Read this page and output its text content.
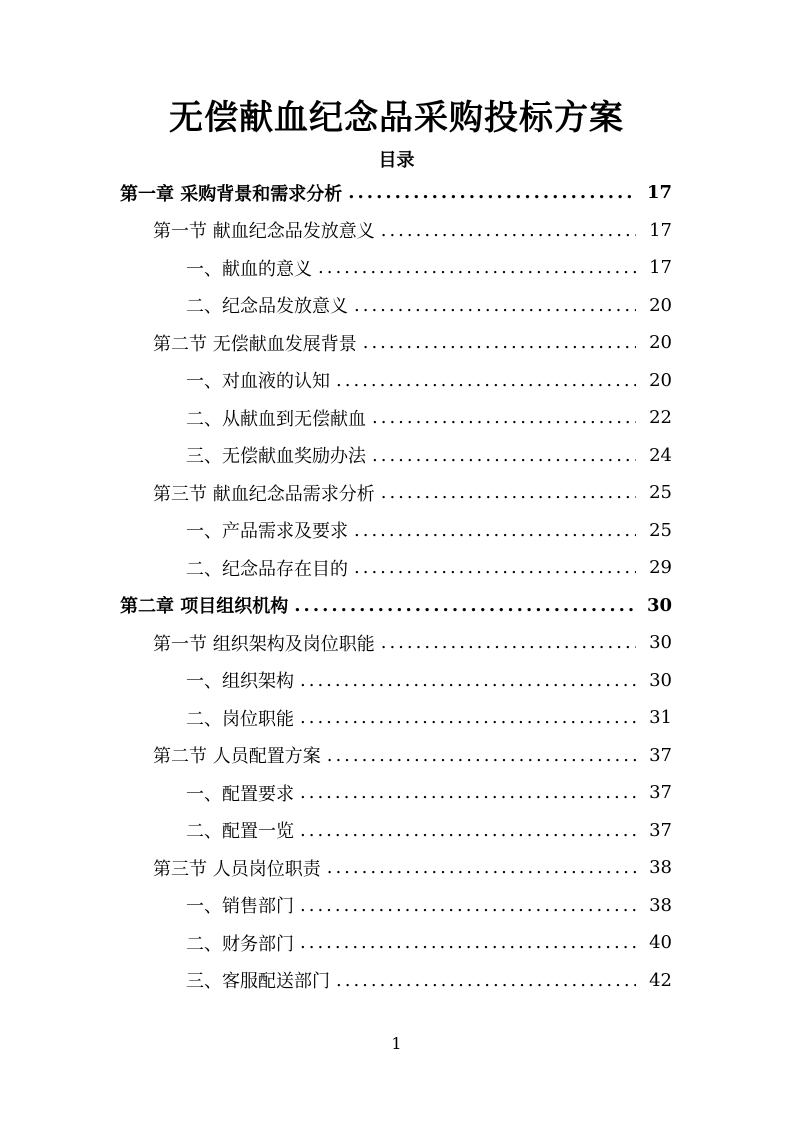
无偿献血纪念品采购投标方案
目录
第一章 采购背景和需求分析 .....	17
第一节 献血纪念品发放意义 .....	17
一、献血的意义 .....	17
二、纪念品发放意义 .....	20
第二节 无偿献血发展背景 .....	20
一、对血液的认知 .....	20
二、从献血到无偿献血 .....	22
三、无偿献血奖励办法 .....	24
第三节 献血纪念品需求分析 .....	25
一、产品需求及要求 .....	25
二、纪念品存在目的 .....	29
第二章 项目组织机构 .....	30
第一节 组织架构及岗位职能 .....	30
一、组织架构 .....	30
二、岗位职能 .....	31
第二节 人员配置方案 .....	37
一、配置要求 .....	37
二、配置一览 .....	37
第三节 人员岗位职责 .....	38
一、销售部门 .....	38
二、财务部门 .....	40
三、客服配送部门 .....	42
1
